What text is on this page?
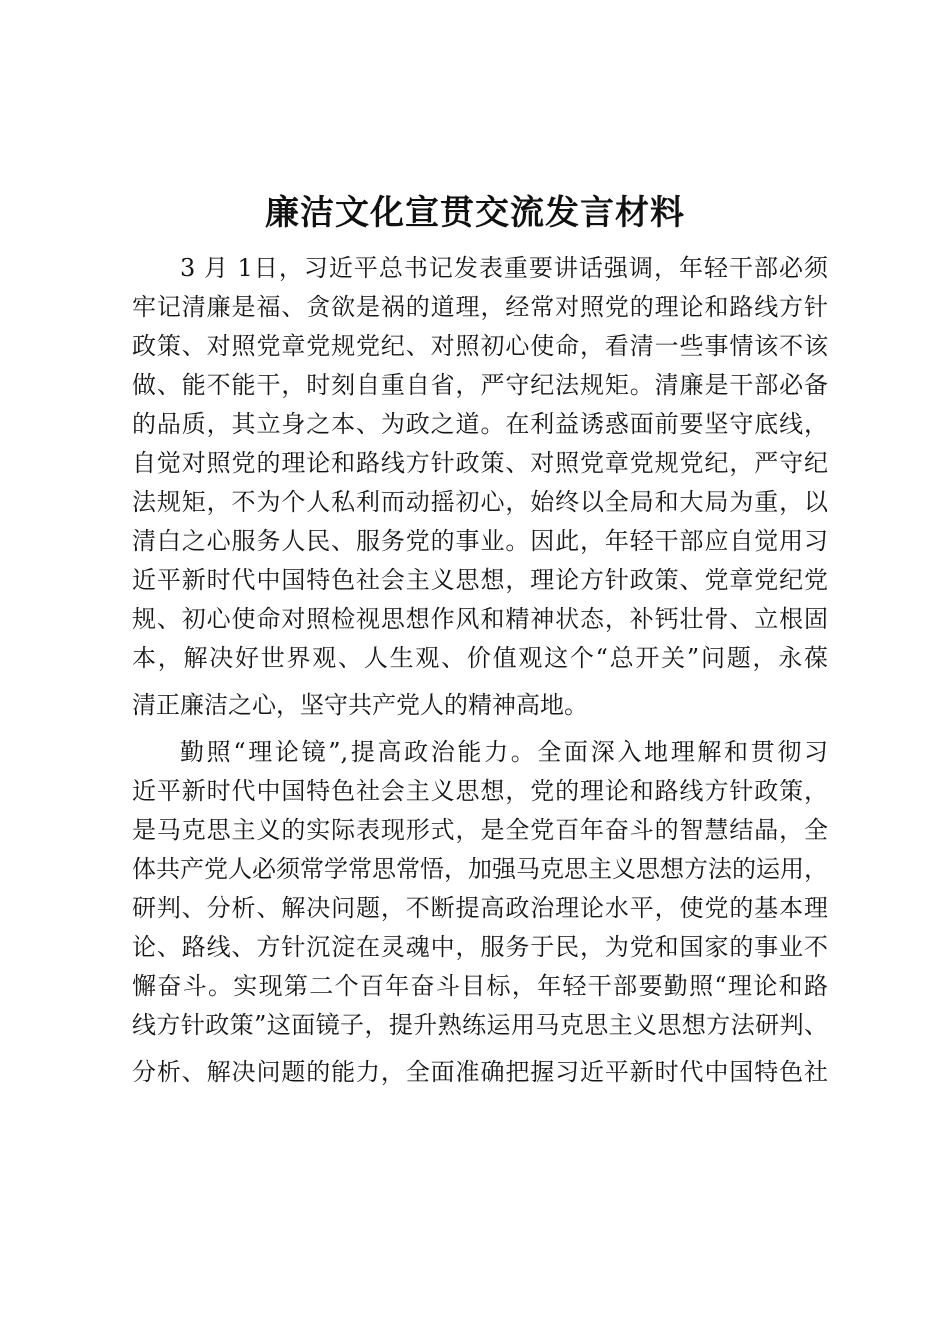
廉洁文化宣贯交流发言材料
3 月 1日，习近平总书记发表重要讲话强调，年轻干部必须
牢记清廉是福、贪欲是祸的道理，经常对照党的理论和路线方针
政策、对照党章党规党纪、对照初心使命，看清一些事情该不该
做、能不能干，时刻自重自省，严守纪法规矩。清廉是干部必备
的品质，其立身之本、为政之道。在利益诱惑面前要坚守底线，
自觉对照党的理论和路线方针政策、对照党章党规党纪，严守纪
法规矩，不为个人私利而动摇初心，始终以全局和大局为重，以
清白之心服务人民、服务党的事业。因此，年轻干部应自觉用习
近平新时代中国特色社会主义思想，理论方针政策、党章党纪党
规、初心使命对照检视思想作风和精神状态，补钙壮骨、立根固
本，解决好世界观、人生观、价值观这个“总开关”问题，永葆
清正廉洁之心，坚守共产党人的精神高地。
勤照“理论镜”,提高政治能力。全面深入地理解和贯彻习
近平新时代中国特色社会主义思想，党的理论和路线方针政策，
是马克思主义的实际表现形式，是全党百年奋斗的智慧结晶，全
体共产党人必须常学常思常悟，加强马克思主义思想方法的运用，
研判、分析、解决问题，不断提高政治理论水平，使党的基本理
论、路线、方针沉淀在灵魂中，服务于民，为党和国家的事业不
懈奋斗。实现第二个百年奋斗目标，年轻干部要勤照“理论和路
线方针政策”这面镜子，提升熟练运用马克思主义思想方法研判、
分析、解决问题的能力，全面准确把握习近平新时代中国特色社
